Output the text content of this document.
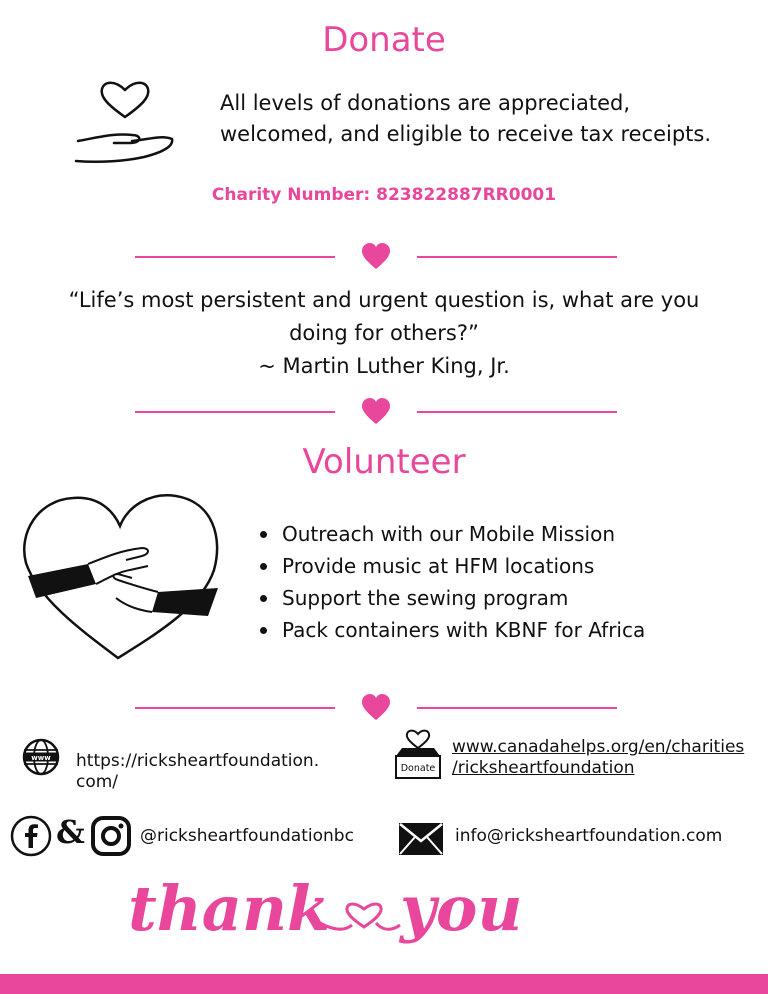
Donate
All levels of donations are appreciated, welcomed, and eligible to receive tax receipts.
Charity Number: 823822887RR0001
“Life’s most persistent and urgent question is, what are you
doing for others?”
~ Martin Luther King, Jr.
Volunteer
Outreach with our Mobile Mission
Provide music at HFM locations
Support the sewing program
Pack containers with KBNF for Africa
www https://ricksheartfoundation.
com/
Donate
www.canadahelps.org/en/charities
/ricksheartfoundation
&	@ricksheartfoundationbc	info@ricksheartfoundation.com
thank you
